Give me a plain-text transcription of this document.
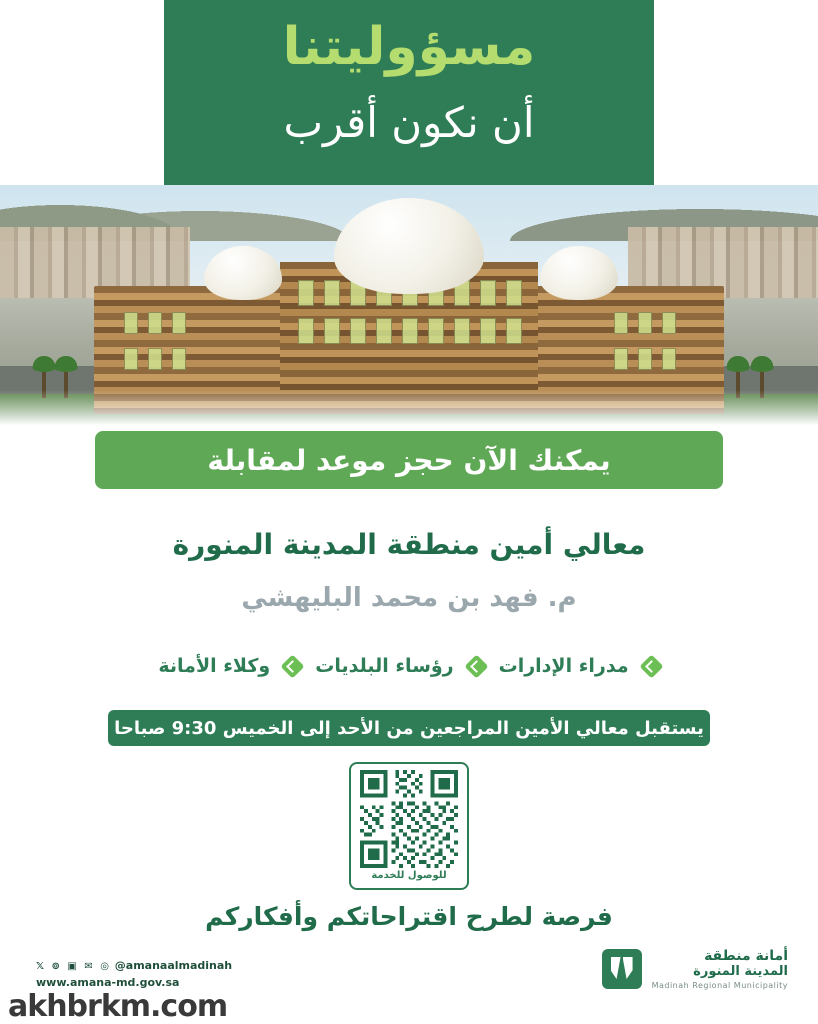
مسؤوليتنا
أن نكون أقرب
يمكنك الآن حجز موعد لمقابلة
معالي أمين منطقة المدينة المنورة
م. فهد بن محمد البليهشي
مدراء الإدارات
رؤساء البلديات
وكلاء الأمانة
يستقبل معالي الأمين المراجعين من الأحد إلى الخميس 9:30 صباحا
للوصول للخدمة
فرصة لطرح اقتراحاتكم وأفكاركم
𝕏 ⊚ ▣ ✉ ◎ @amanaalmadinah
www.amana-md.gov.sa
أمانة منطقة
المدينة المنورة
Madinah Regional Municipality
akhbrkm.com
